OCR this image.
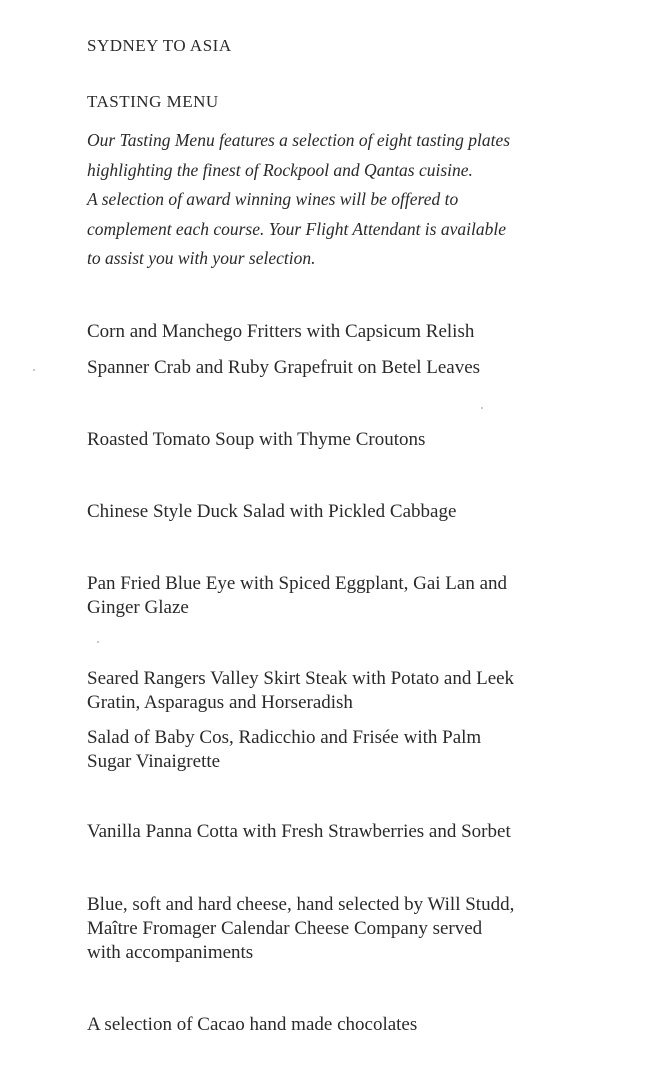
SYDNEY TO ASIA
TASTING MENU
Our Tasting Menu features a selection of eight tasting plates
highlighting the finest of Rockpool and Qantas cuisine.
A selection of award winning wines will be offered to
complement each course. Your Flight Attendant is available
to assist you with your selection.
Corn and Manchego Fritters with Capsicum Relish
Spanner Crab and Ruby Grapefruit on Betel Leaves
Roasted Tomato Soup with Thyme Croutons
Chinese Style Duck Salad with Pickled Cabbage
Pan Fried Blue Eye with Spiced Eggplant, Gai Lan and
Ginger Glaze
Seared Rangers Valley Skirt Steak with Potato and Leek
Gratin, Asparagus and Horseradish
Salad of Baby Cos, Radicchio and Frisée with Palm
Sugar Vinaigrette
Vanilla Panna Cotta with Fresh Strawberries and Sorbet
Blue, soft and hard cheese, hand selected by Will Studd,
Maître Fromager Calendar Cheese Company served
with accompaniments
A selection of Cacao hand made chocolates
